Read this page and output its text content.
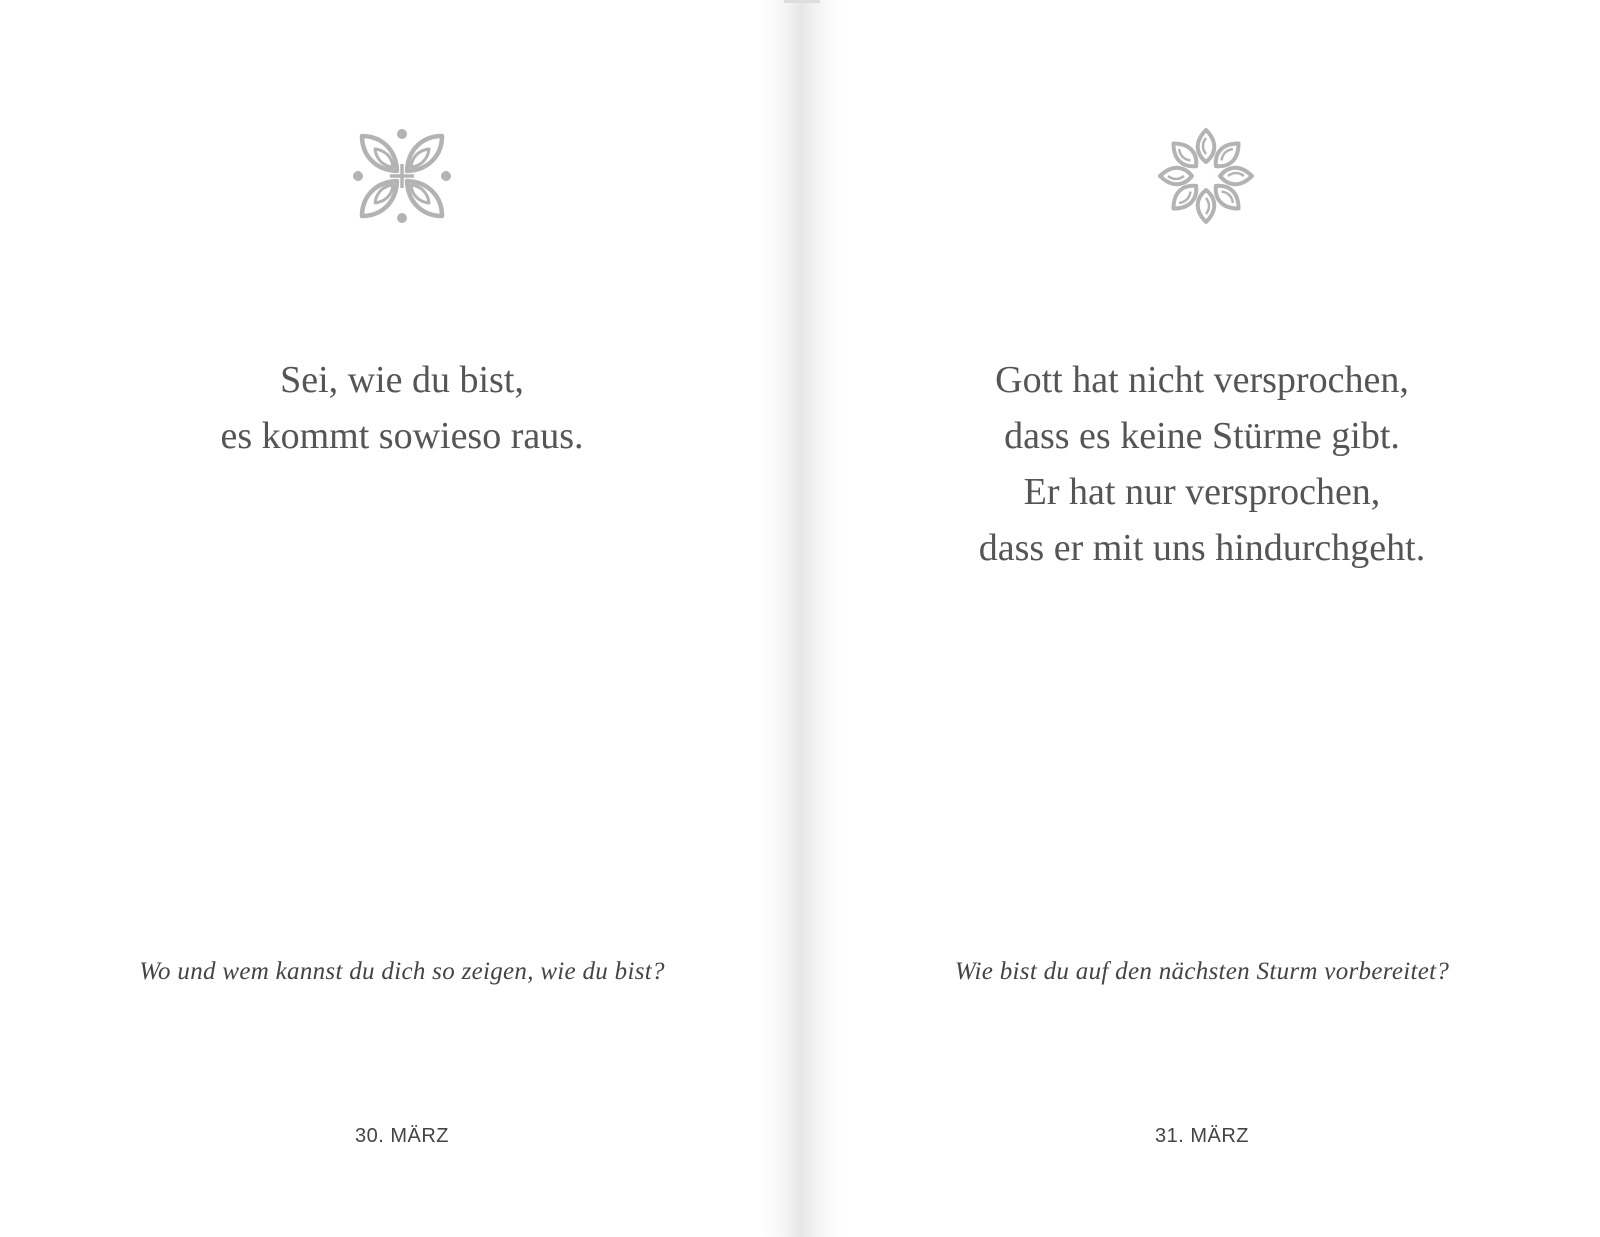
Sei, wie du bist,
es kommt sowieso raus.
Wo und wem kannst du dich so zeigen, wie du bist?
30. MÄRZ
Gott hat nicht versprochen,
dass es keine Stürme gibt.
Er hat nur versprochen,
dass er mit uns hindurchgeht.
Wie bist du auf den nächsten Sturm vorbereitet?
31. MÄRZ
